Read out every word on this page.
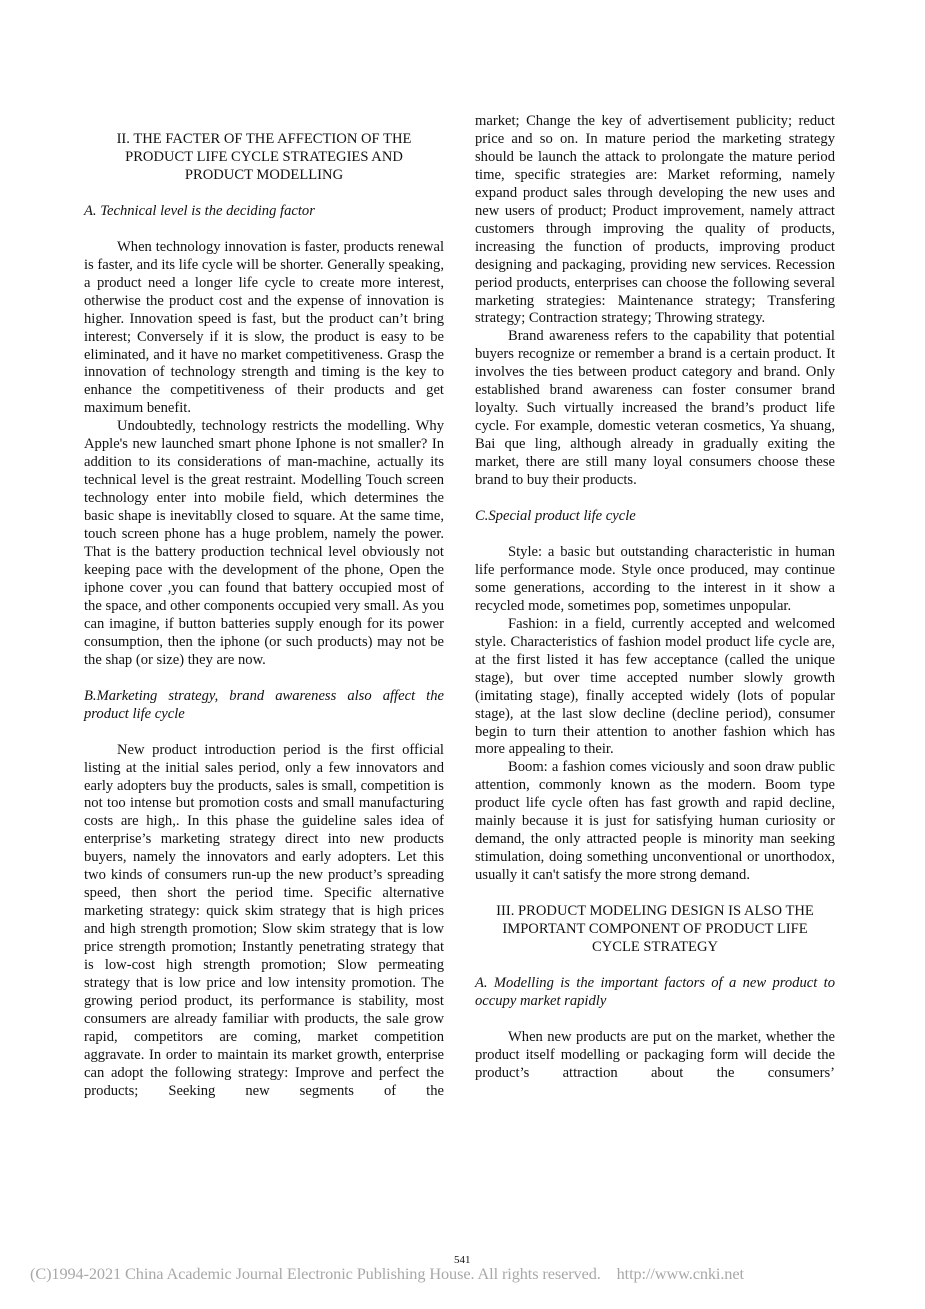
II. THE FACTER OF THE AFFECTION OF THE PRODUCT LIFE CYCLE STRATEGIES AND PRODUCT MODELLING

A. Technical level is the deciding factor

When technology innovation is faster, products renewal is faster, and its life cycle will be shorter. Generally speaking, a product need a longer life cycle to create more interest, otherwise the product cost and the expense of innovation is higher. Innovation speed is fast, but the product can’t bring interest; Conversely if it is slow, the product is easy to be eliminated, and it have no market competitiveness. Grasp the innovation of technology strength and timing is the key to enhance the competitiveness of their products and get maximum benefit.

Undoubtedly, technology restricts the modelling. Why Apple's new launched smart phone Iphone is not smaller? In addition to its considerations of man-machine, actually its technical level is the great restraint. Modelling Touch screen technology enter into mobile field, which determines the basic shape is inevitablly closed to square. At the same time, touch screen phone has a huge problem, namely the power. That is the battery production technical level obviously not keeping pace with the development of the phone, Open the iphone cover ,you can found that battery occupied most of the space, and other components occupied very small. As you can imagine, if button batteries supply enough for its power consumption, then the iphone (or such products) may not be the shap (or size) they are now.

B.Marketing strategy, brand awareness also affect the product life cycle

New product introduction period is the first official listing at the initial sales period, only a few innovators and early adopters buy the products, sales is small, competition is not too intense but promotion costs and small manufacturing costs are high,. In this phase the guideline sales idea of enterprise’s marketing strategy direct into new products buyers, namely the innovators and early adopters. Let this two kinds of consumers run-up the new product’s spreading speed, then short the period time. Specific alternative marketing strategy: quick skim strategy that is high prices and high strength promotion; Slow skim strategy that is low price strength promotion; Instantly penetrating strategy that is low-cost high strength promotion; Slow permeating strategy that is low price and low intensity promotion. The growing period product, its performance is stability, most consumers are already familiar with products, the sale grow rapid, competitors are coming, market competition aggravate. In order to maintain its market growth, enterprise can adopt the following strategy: Improve and perfect the products; Seeking new segments of the

market; Change the key of advertisement publicity; reduct price and so on. In mature period the marketing strategy should be launch the attack to prolongate the mature period time, specific strategies are: Market reforming, namely expand product sales through developing the new uses and new users of product; Product improvement, namely attract customers through improving the quality of products, increasing the function of products, improving product designing and packaging, providing new services. Recession period products, enterprises can choose the following several marketing strategies: Maintenance strategy; Transfering strategy; Contraction strategy; Throwing strategy.

Brand awareness refers to the capability that potential buyers recognize or remember a brand is a certain product. It involves the ties between product category and brand. Only established brand awareness can foster consumer brand loyalty. Such virtually increased the brand’s product life cycle. For example, domestic veteran cosmetics, Ya shuang, Bai que ling, although already in gradually exiting the market, there are still many loyal consumers choose these brand to buy their products.

C.Special product life cycle

Style: a basic but outstanding characteristic in human life performance mode. Style once produced, may continue some generations, according to the interest in it show a recycled mode, sometimes pop, sometimes unpopular.

Fashion: in a field, currently accepted and welcomed style. Characteristics of fashion model product life cycle are, at the first listed it has few acceptance (called the unique stage), but over time accepted number slowly growth (imitating stage), finally accepted widely (lots of popular stage), at the last slow decline (decline period), consumer begin to turn their attention to another fashion which has more appealing to their.

Boom: a fashion comes viciously and soon draw public attention, commonly known as the modern. Boom type product life cycle often has fast growth and rapid decline, mainly because it is just for satisfying human curiosity or demand, the only attracted people is minority man seeking stimulation, doing something unconventional or unorthodox, usually it can't satisfy the more strong demand.

III. PRODUCT MODELING DESIGN IS ALSO THE IMPORTANT COMPONENT OF PRODUCT LIFE CYCLE STRATEGY

A. Modelling is the important factors of a new product to occupy market rapidly

When new products are put on the market, whether the product itself modelling or packaging form will decide the product’s attraction about the consumers’

541
(C)1994-2021 China Academic Journal Electronic Publishing House. All rights reserved.    http://www.cnki.net
